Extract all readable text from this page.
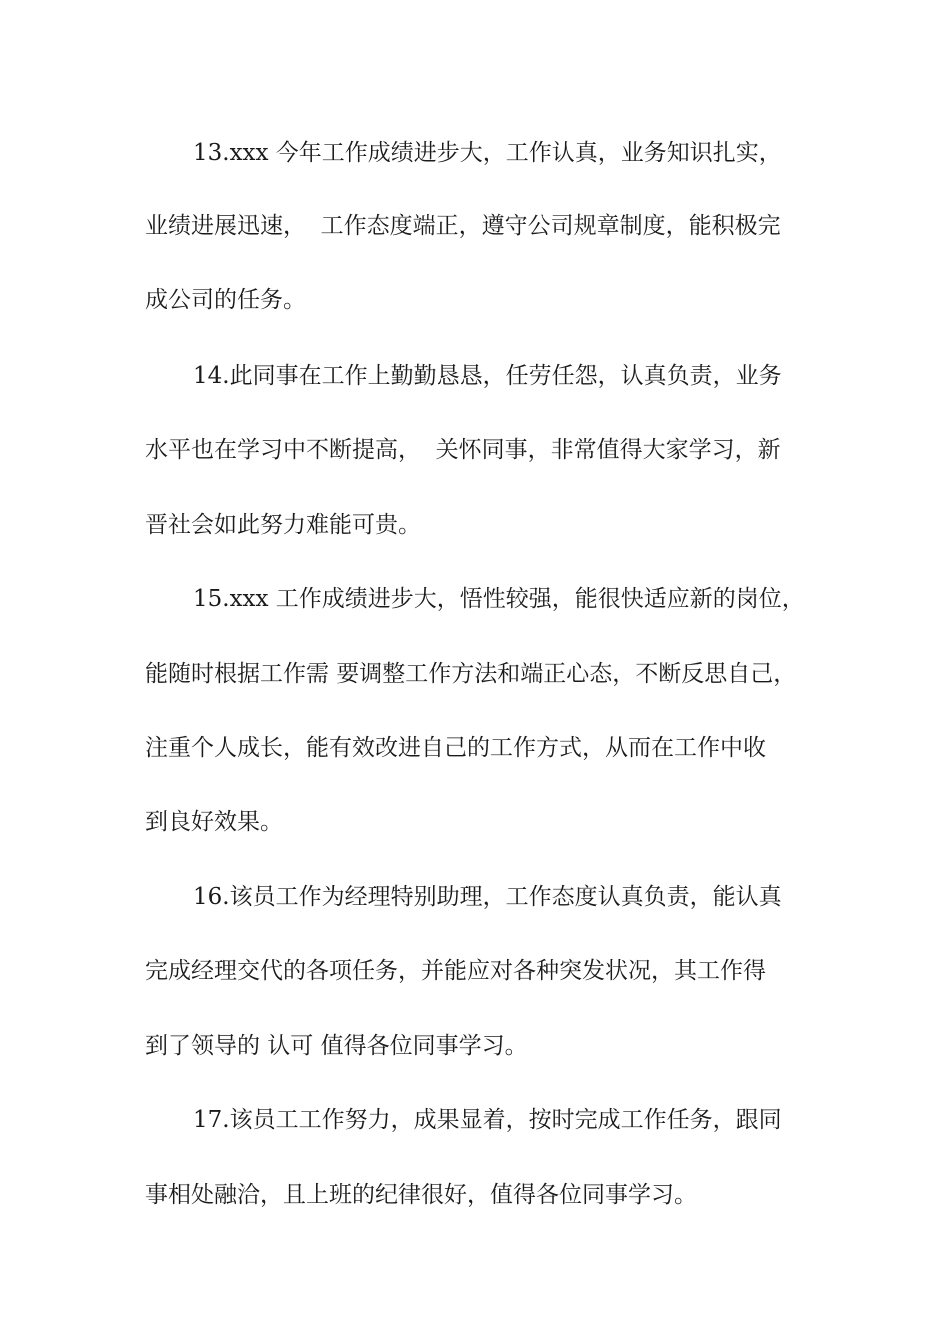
13.xxx 今年工作成绩进步大，工作认真，业务知识扎实，
业绩进展迅速，  工作态度端正，遵守公司规章制度，能积极完
成公司的任务。
14.此同事在工作上勤勤恳恳，任劳任怨，认真负责，业务
水平也在学习中不断提高，  关怀同事，非常值得大家学习，新
晋社会如此努力难能可贵。
15.xxx 工作成绩进步大，悟性较强，能很快适应新的岗位，
能随时根据工作需 要调整工作方法和端正心态，不断反思自己，
注重个人成长，能有效改进自己的工作方式，从而在工作中收
到良好效果。
16.该员工作为经理特别助理，工作态度认真负责，能认真
完成经理交代的各项任务，并能应对各种突发状况，其工作得
到了领导的 认可 值得各位同事学习。
17.该员工工作努力，成果显着，按时完成工作任务，跟同
事相处融洽，且上班的纪律很好，值得各位同事学习。
